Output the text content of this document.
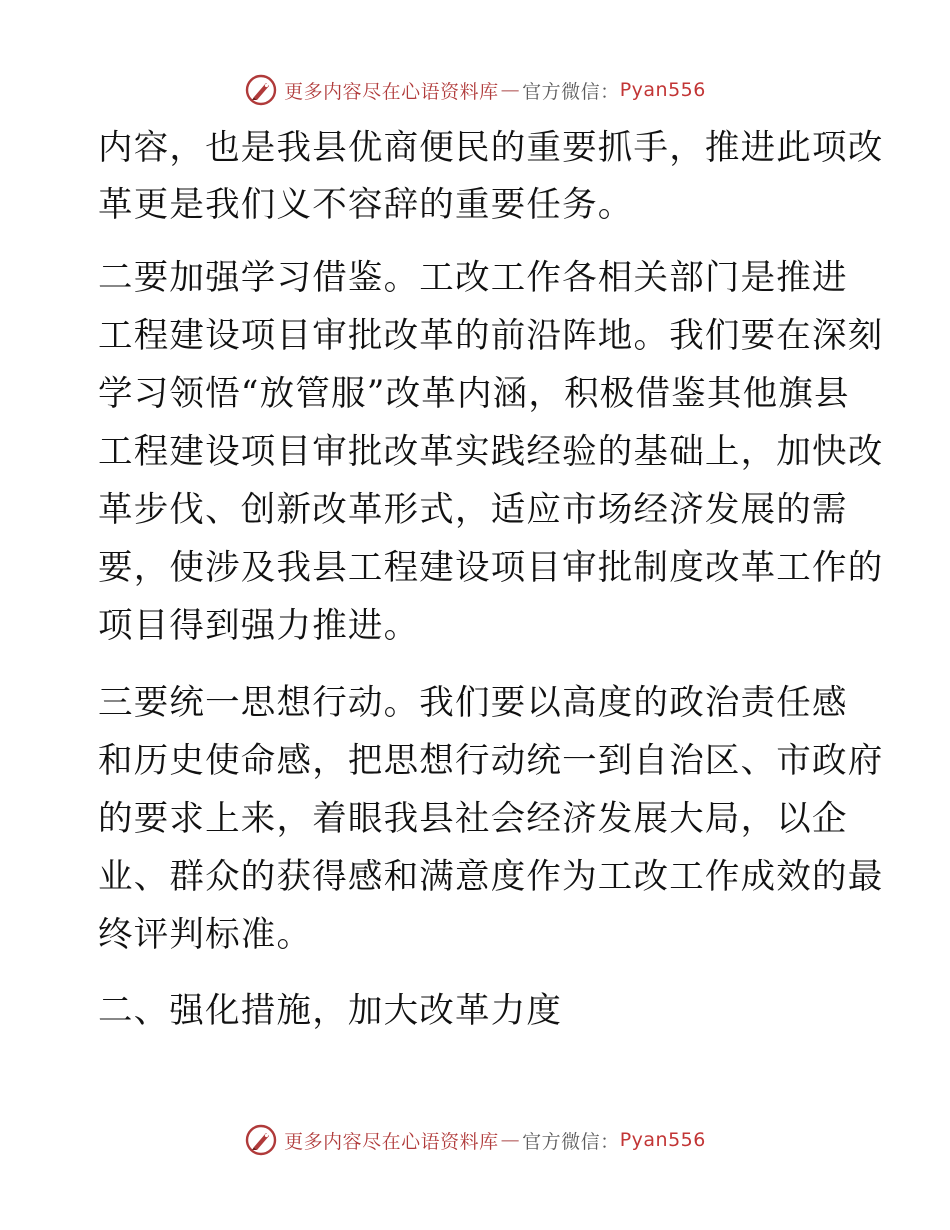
更多内容尽在心语资料库 — 官方微信： Pyan556
内容，也是我县优商便民的重要抓手，推进此项改
革更是我们义不容辞的重要任务。
二要加强学习借鉴。工改工作各相关部门是推进
工程建设项目审批改革的前沿阵地。我们要在深刻
学习领悟“放管服”改革内涵，积极借鉴其他旗县
工程建设项目审批改革实践经验的基础上，加快改
革步伐、创新改革形式，适应市场经济发展的需
要，使涉及我县工程建设项目审批制度改革工作的
项目得到强力推进。
三要统一思想行动。我们要以高度的政治责任感
和历史使命感，把思想行动统一到自治区、市政府
的要求上来，着眼我县社会经济发展大局，以企
业、群众的获得感和满意度作为工改工作成效的最
终评判标准。
二、强化措施，加大改革力度
更多内容尽在心语资料库 — 官方微信： Pyan556
